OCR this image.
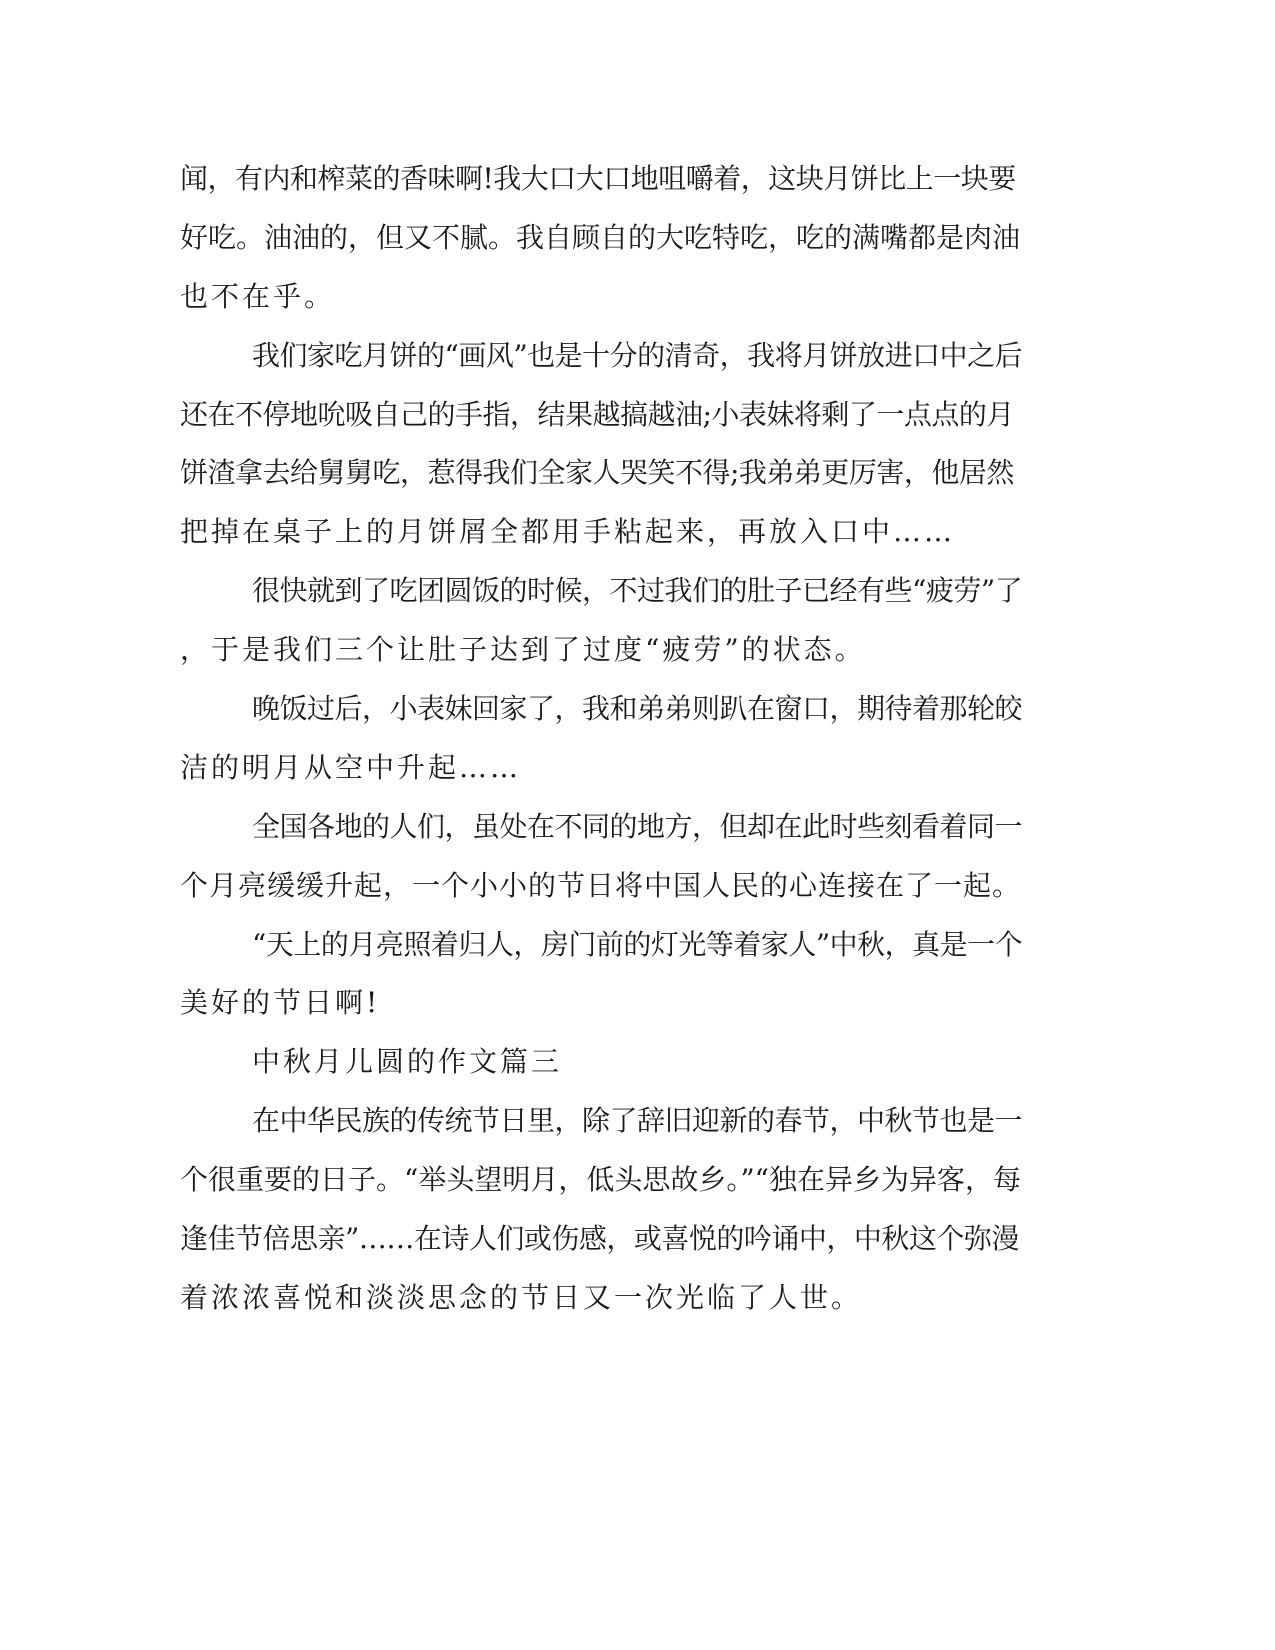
闻，有内和榨菜的香味啊!我大口大口地咀嚼着，这块月饼比上一块要
好吃。油油的，但又不腻。我自顾自的大吃特吃，吃的满嘴都是肉油
也不在乎。
我们家吃月饼的“画风”也是十分的清奇，我将月饼放进口中之后
还在不停地吮吸自己的手指，结果越搞越油;小表妹将剩了一点点的月
饼渣拿去给舅舅吃，惹得我们全家人哭笑不得;我弟弟更厉害，他居然
把掉在桌子上的月饼屑全都用手粘起来，再放入口中……
很快就到了吃团圆饭的时候，不过我们的肚子已经有些“疲劳”了
，于是我们三个让肚子达到了过度“疲劳”的状态。
晚饭过后，小表妹回家了，我和弟弟则趴在窗口，期待着那轮皎
洁的明月从空中升起……
全国各地的人们，虽处在不同的地方，但却在此时些刻看着同一
个月亮缓缓升起，一个小小的节日将中国人民的心连接在了一起。
“天上的月亮照着归人，房门前的灯光等着家人”中秋，真是一个
美好的节日啊!
中秋月儿圆的作文篇三
在中华民族的传统节日里，除了辞旧迎新的春节，中秋节也是一
个很重要的日子。“举头望明月，低头思故乡。”“独在异乡为异客，每
逢佳节倍思亲”……在诗人们或伤感，或喜悦的吟诵中，中秋这个弥漫
着浓浓喜悦和淡淡思念的节日又一次光临了人世。
